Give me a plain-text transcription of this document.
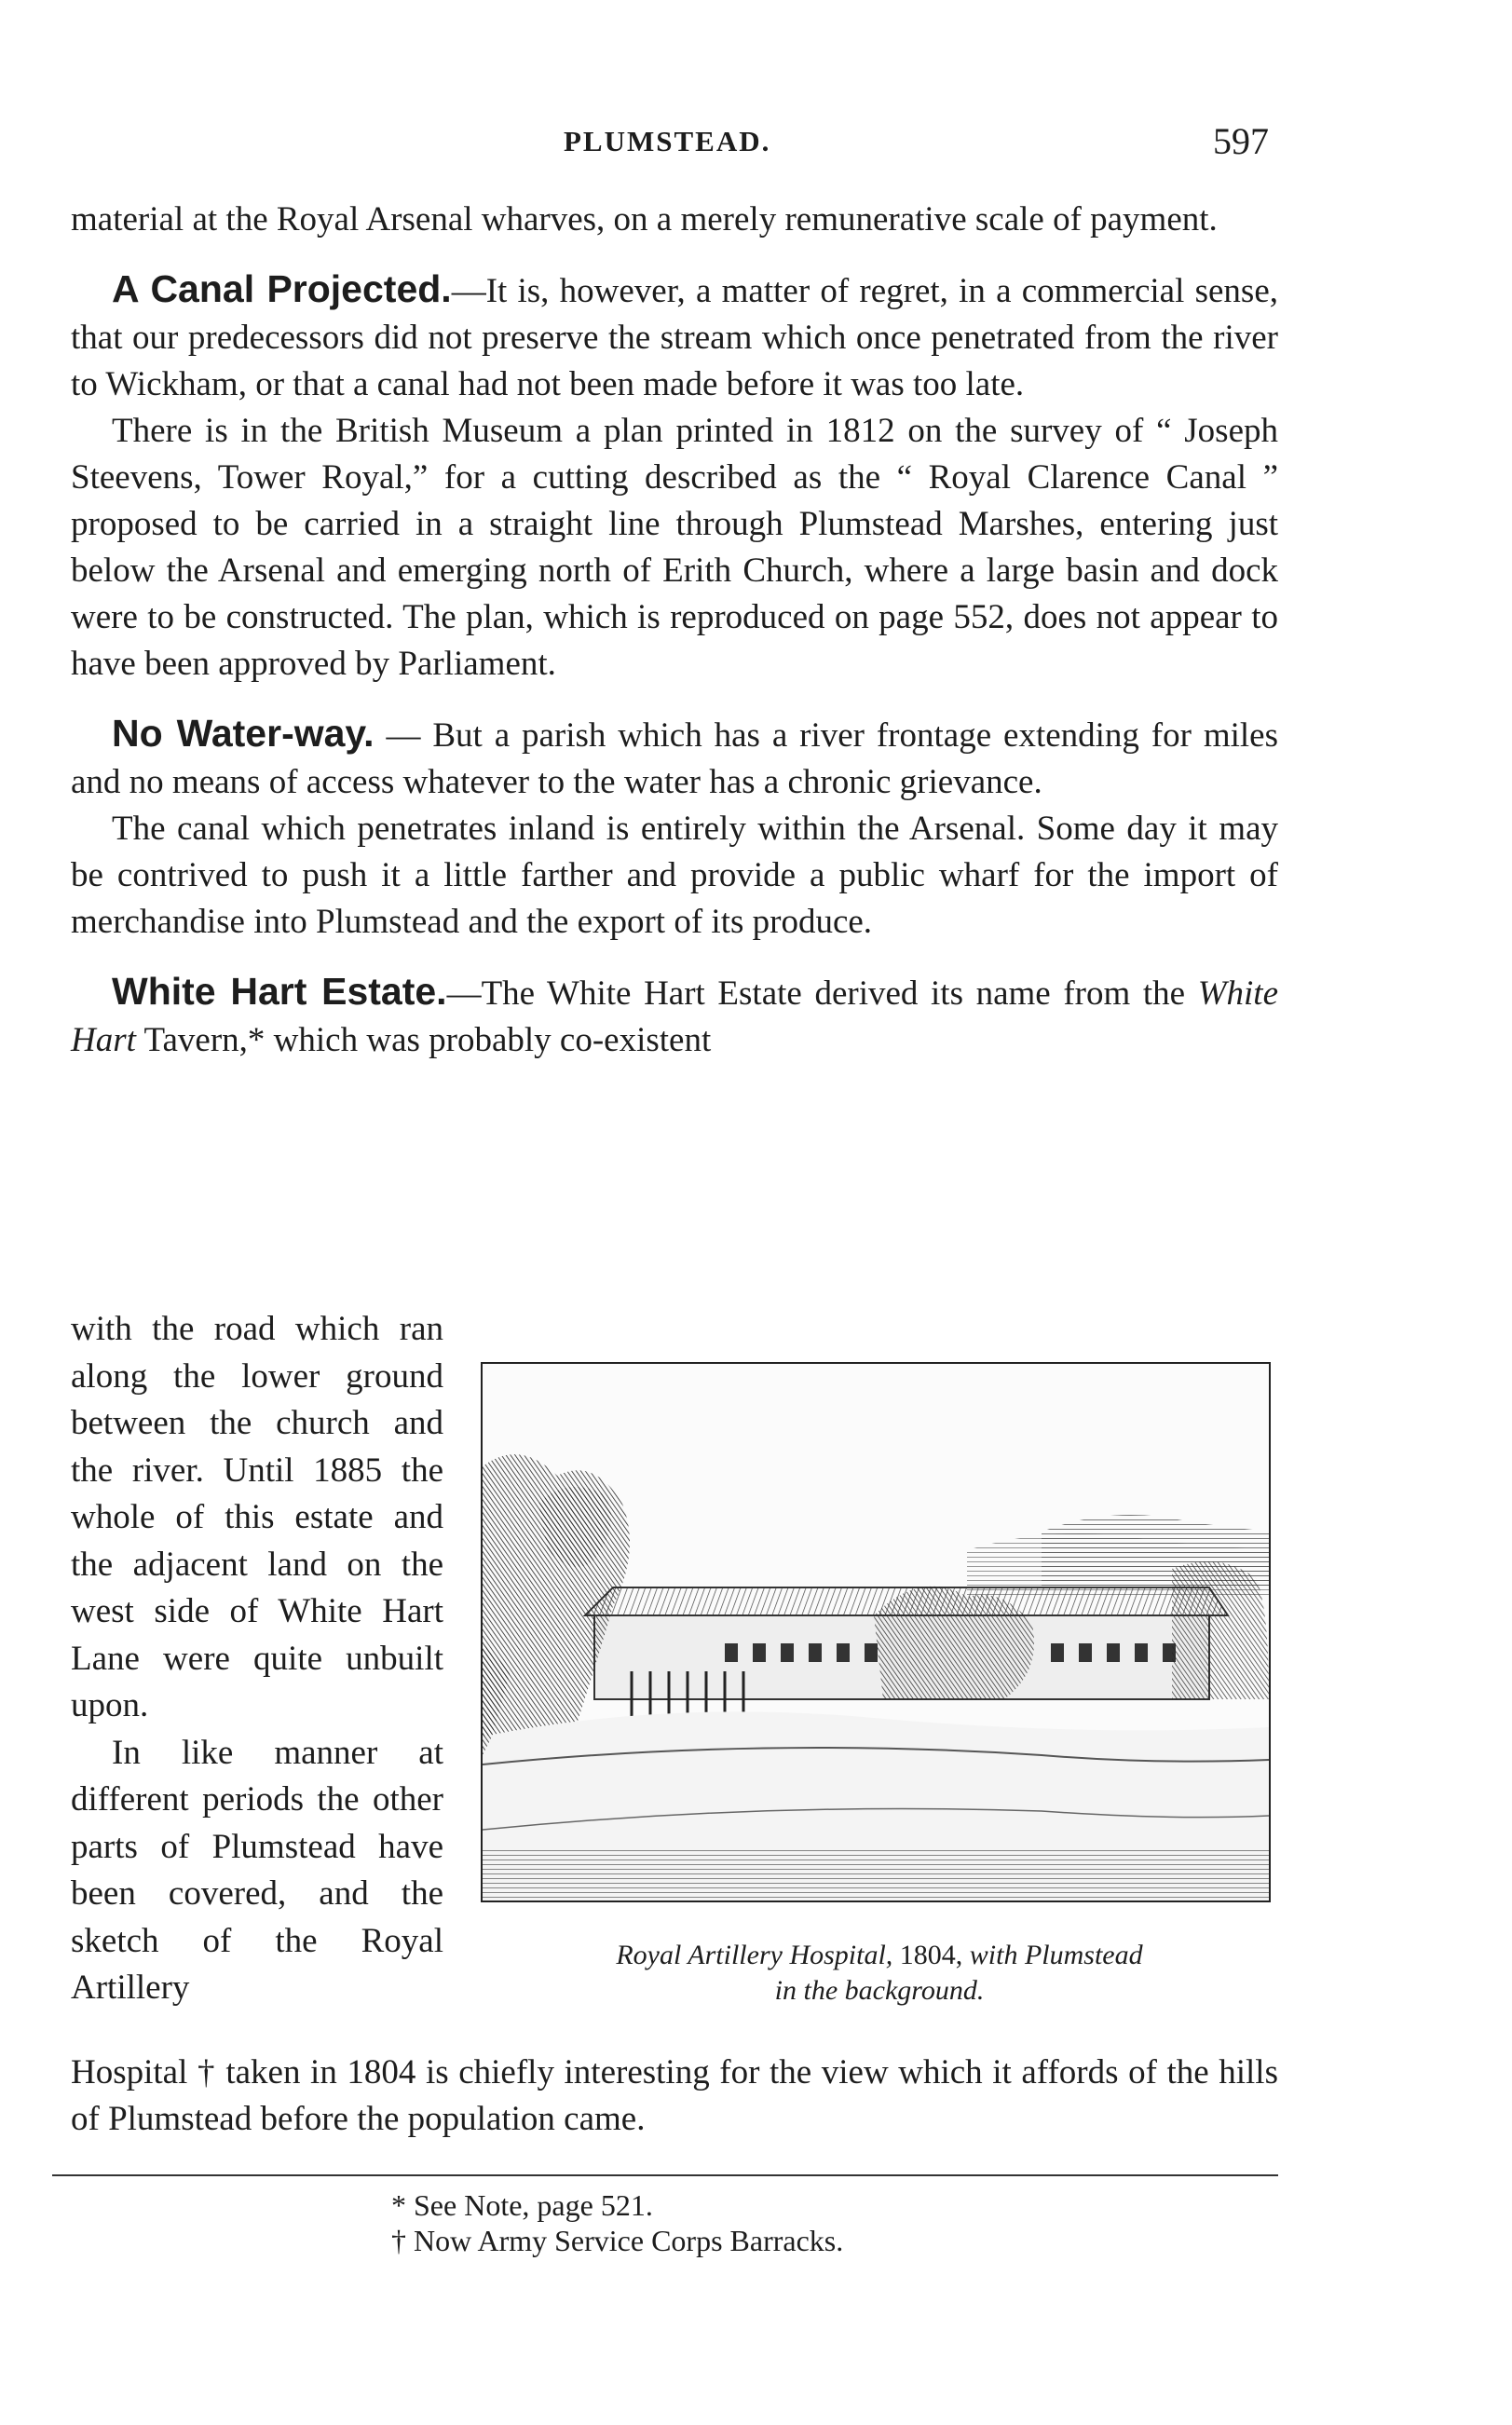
PLUMSTEAD.	597

material at the Royal Arsenal wharves, on a merely remunerative scale of payment.

A Canal Projected.—It is, however, a matter of regret, in a commercial sense, that our predecessors did not preserve the stream which once penetrated from the river to Wickham, or that a canal had not been made before it was too late.

There is in the British Museum a plan printed in 1812 on the survey of “ Joseph Steevens, Tower Royal,” for a cutting described as the “ Royal Clarence Canal ” proposed to be carried in a straight line through Plumstead Marshes, entering just below the Arsenal and emerging north of Erith Church, where a large basin and dock were to be constructed. The plan, which is reproduced on page 552, does not appear to have been approved by Parliament.

No Water-way. — But a parish which has a river frontage extending for miles and no means of access whatever to the water has a chronic grievance.

The canal which penetrates inland is entirely within the Arsenal. Some day it may be contrived to push it a little farther and provide a public wharf for the import of merchandise into Plumstead and the export of its produce.

White Hart Estate.—The White Hart Estate derived its name from the White Hart Tavern,* which was probably co-existent

with the road which ran along the lower ground between the church and the river. Until 1885 the whole of this estate and the adjacent land on the west side of White Hart Lane were quite unbuilt upon.

In like manner at different periods the other parts of Plumstead have been covered, and the sketch of the Royal Artillery

Royal Artillery Hospital, 1804, with Plumstead
in the background.

Hospital † taken in 1804 is chiefly interesting for the view which it affords of the hills of Plumstead before the population came.

* See Note, page 521.
† Now Army Service Corps Barracks.
